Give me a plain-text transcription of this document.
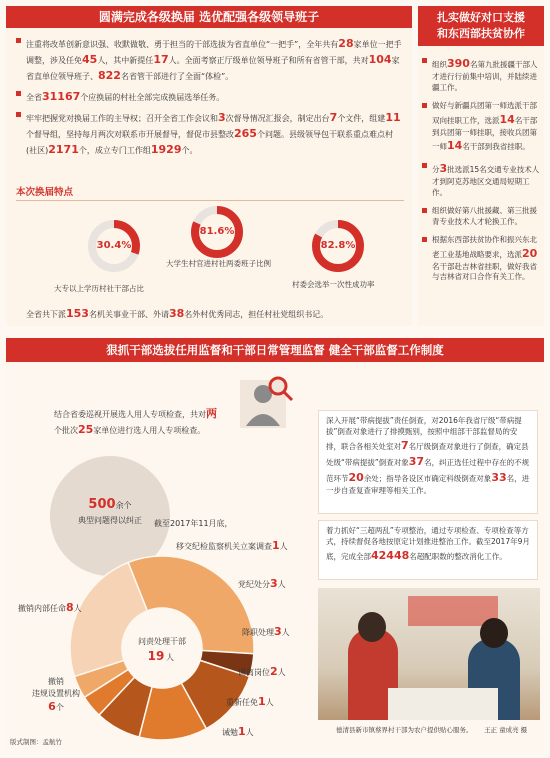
圆满完成各级换届 选优配强各级领导班子
注重将改革创新意识强、收默做敬、勇于担当的干部选拔为省直单位“一把手”，全年共有28家单位一把手调整，涉及任免45人，其中新提任17人。全面考察正厅级单位领导班子和所有省管干部，共对104家省直单位领导班子、822名省管干部进行了全面“体检”。
全省31167个应换届的村社全部完成换届选举任务。
牢牢把握党对换届工作的主导权；召开全省工作会议和3次督导情况汇报会，制定出台7个文件，组建11个督导组，坚持每月两次对联系市开展督导，督促市县整改265个问题。县级领导包干联系重点难点村(社区)2171个，成立专门工作组1929个。
本次换届特点
30.4%
大专以上学历村社干部占比
81.6%
大学生村官进村社两委班子比例
82.8%
村委会选举一次性成功率
全省共下派153名机关事业干部、外请38名外村优秀同志，担任村社党组织书记。
扎实做好对口支援
和东西部扶贫协作
组织390名第九批援疆干部人才进行行前集中培训，并陆续进疆工作。
做好与新疆兵团第一师选派干部双向挂职工作，选派14名干部到兵团第一师挂职，接收兵团第一师14名干部到我省挂职。
分3批选派15名交通专业技术人才到阿克苏地区交通局短期工作。
组织做好第八批援藏、第三批援青专业技术人才轮换工作。
根据东西部扶贫协作和振兴东北老工业基地战略要求，选派20名干部赴吉林省挂职，做好我省与吉林省对口合作有关工作。
狠抓干部选拔任用监督和干部日常管理监督 健全干部监督工作制度
结合省委巡视开展选人用人专项检查，共对两个批次25家单位进行选人用人专项检查。
500余个
典型问题得以纠正	截至2017年11月底，
深入开展“带病提拔”责任倒查，对2016年我省厅级“带病提拔”倒查对象进行了排摸甄别，按照中组部干部监督局的安排，联合各相关处室对7名厅级倒查对象进行了倒查，确定县处级“带病提拔”倒查对象37名，纠正选任过程中存在的不规范环节20余处；指导各设区市确定科级倒查对象33名，进一步自查复查审理等相关工作。
着力抓好“三超两乱”专项整治，通过专项检查、专项检查等方式，持续督促各地按原定计划推进整治工作。截至2017年9月底，完成全部42448名超配职数的整改消化工作。
问责处理干部
19 人
移交纪检监察机关立案调查1人
党纪处分3人
降职处理3人
调离岗位2人
重新任免1人
诫勉1人
撤销内部任命8人
撤销
违规设置机构
6个
德清县新市镇蔡界村干部为农户提供贴心服务。 王正 童成亮 摄
版式制图：孟航竹
